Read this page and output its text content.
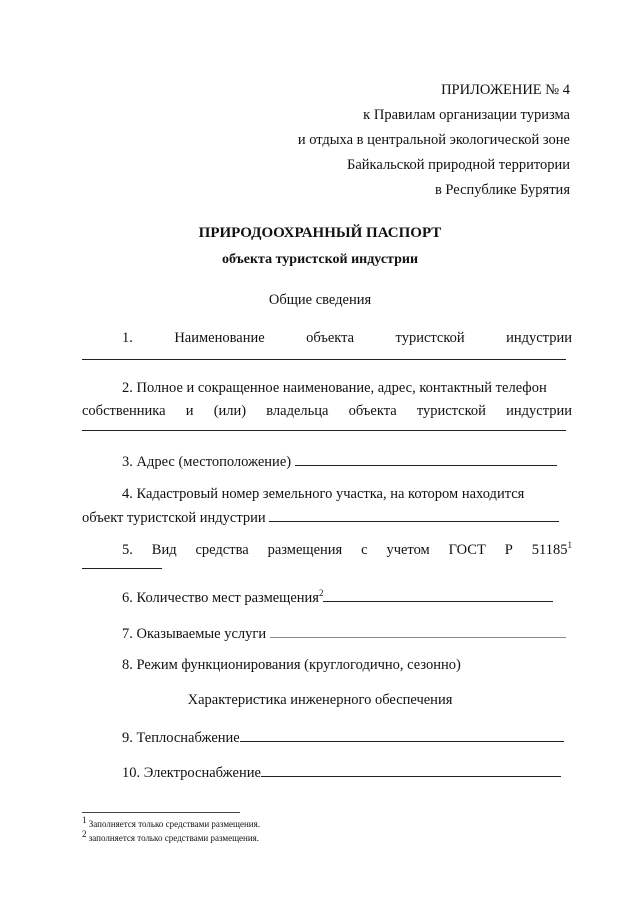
ПРИЛОЖЕНИЕ № 4
к Правилам организации туризма
и отдыха в центральной экологической зоне
Байкальской природной территории
в Республике Бурятия
ПРИРОДООХРАННЫЙ ПАСПОРТ
объекта туристской индустрии
Общие сведения
1.	Наименование	объекта	туристской	индустрии
2. Полное и сокращенное наименование, адрес, контактный телефон
собственника и (или) владельца объекта туристской индустрии
3. Адрес (местоположение)
4. Кадастровый номер земельного участка, на котором находится
объект туристской индустрии
5. Вид средства размещения с учетом ГОСТ Р 51185$^1$
6. Количество мест размещения$^2$
7. Оказываемые услуги
8. Режим функционирования (круглогодично, сезонно)
Характеристика инженерного обеспечения
9. Теплоснабжение
10. Электроснабжение
$^1$ Заполняется только средствами размещения.
$^2$ заполняется только средствами размещения.
